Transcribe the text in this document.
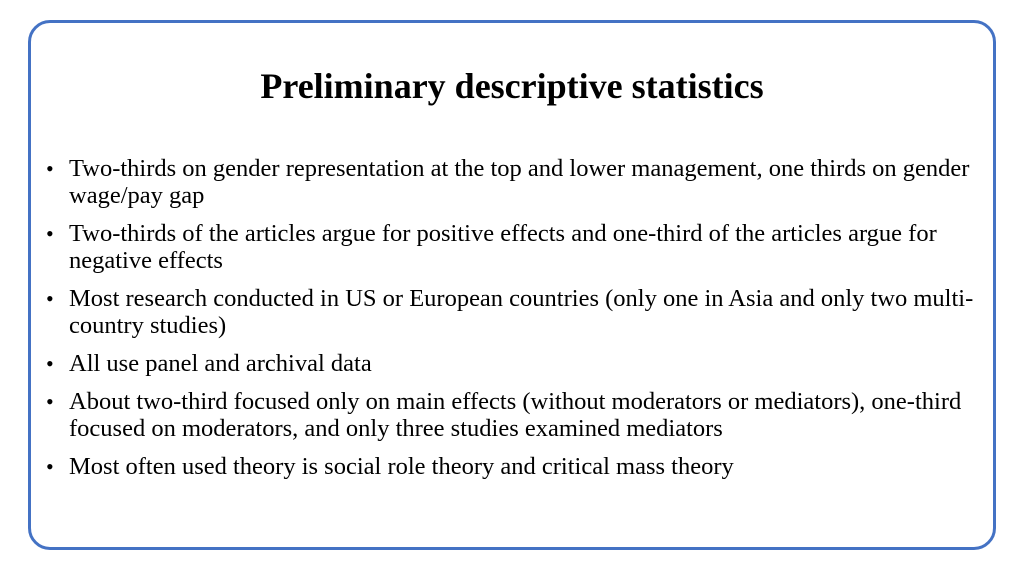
Preliminary descriptive statistics
• Two-thirds on gender representation at the top and lower management, one thirds on gender wage/pay gap
• Two-thirds of the articles argue for positive effects and one-third of the articles argue for negative effects
• Most research conducted in US or European countries (only one in Asia and only two multi-country studies)
• All use panel and archival data
• About two-third focused only on main effects (without moderators or mediators), one-third focused on moderators, and only three studies examined mediators
• Most often used theory is social role theory and critical mass theory
